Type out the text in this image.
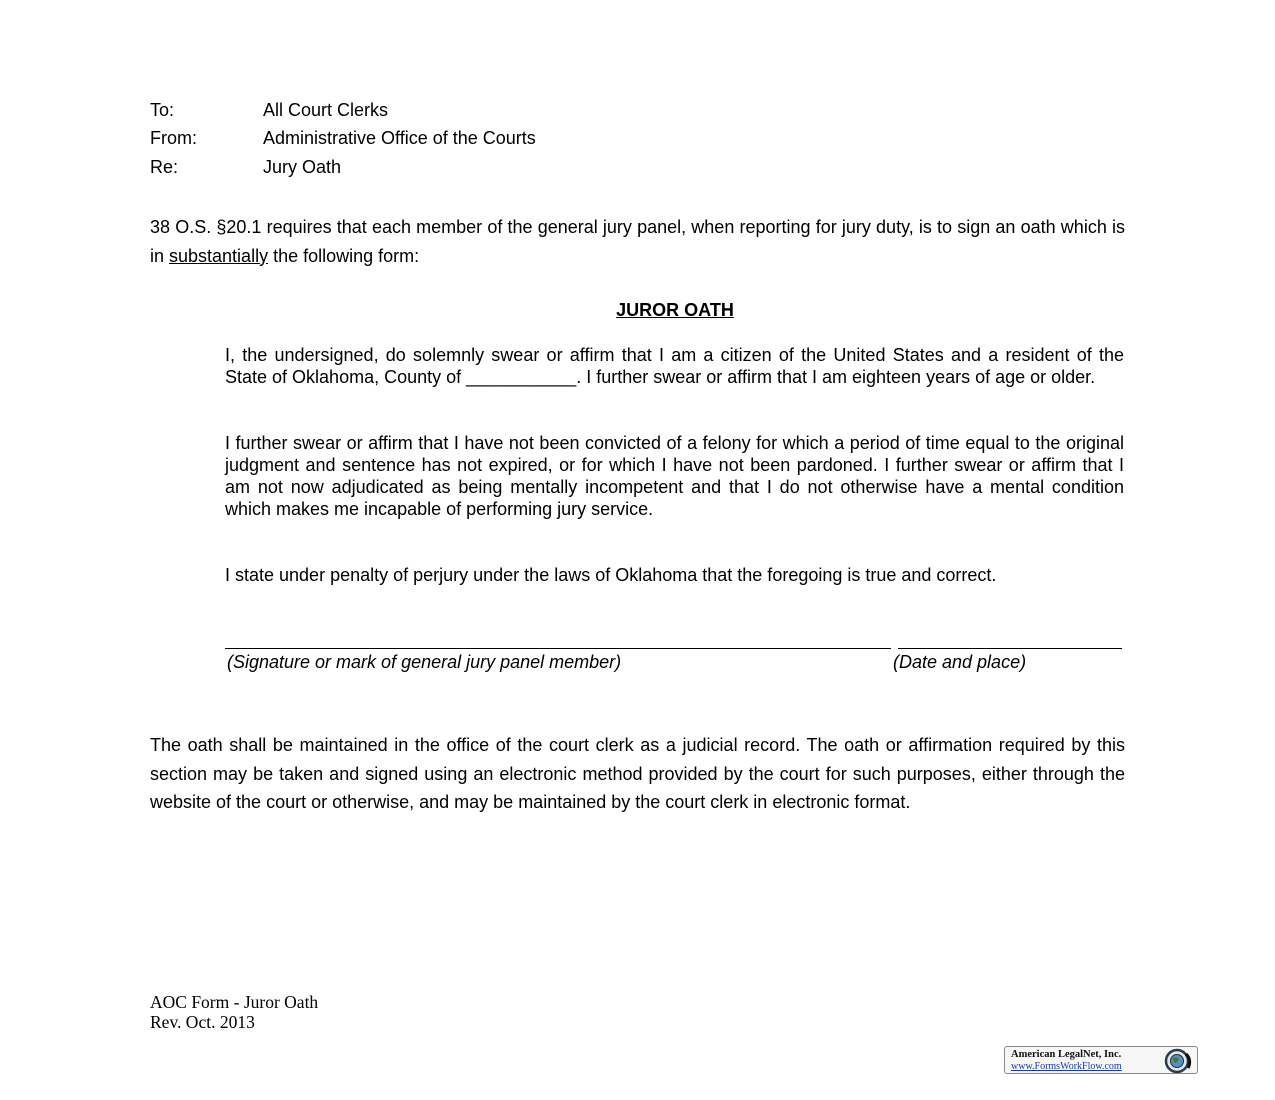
To:	All Court Clerks
From:	Administrative Office of the Courts
Re:	Jury Oath
38 O.S. §20.1 requires that each member of the general jury panel, when reporting for jury duty, is to sign an oath which is in substantially the following form:
JUROR OATH
I, the undersigned, do solemnly swear or affirm that I am a citizen of the United States and a resident of the State of Oklahoma, County of ___________. I further swear or affirm that I am eighteen years of age or older.
I further swear or affirm that I have not been convicted of a felony for which a period of time equal to the original judgment and sentence has not expired, or for which I have not been pardoned. I further swear or affirm that I am not now adjudicated as being mentally incompetent and that I do not otherwise have a mental condition which makes me incapable of performing jury service.
I state under penalty of perjury under the laws of Oklahoma that the foregoing is true and correct.
(Signature or mark of general jury panel member)	(Date and place)
The oath shall be maintained in the office of the court clerk as a judicial record. The oath or affirmation required by this section may be taken and signed using an electronic method provided by the court for such purposes, either through the website of the court or otherwise, and may be maintained by the court clerk in electronic format.
AOC Form - Juror Oath
Rev. Oct. 2013
American LegalNet, Inc.
www.FormsWorkFlow.com
